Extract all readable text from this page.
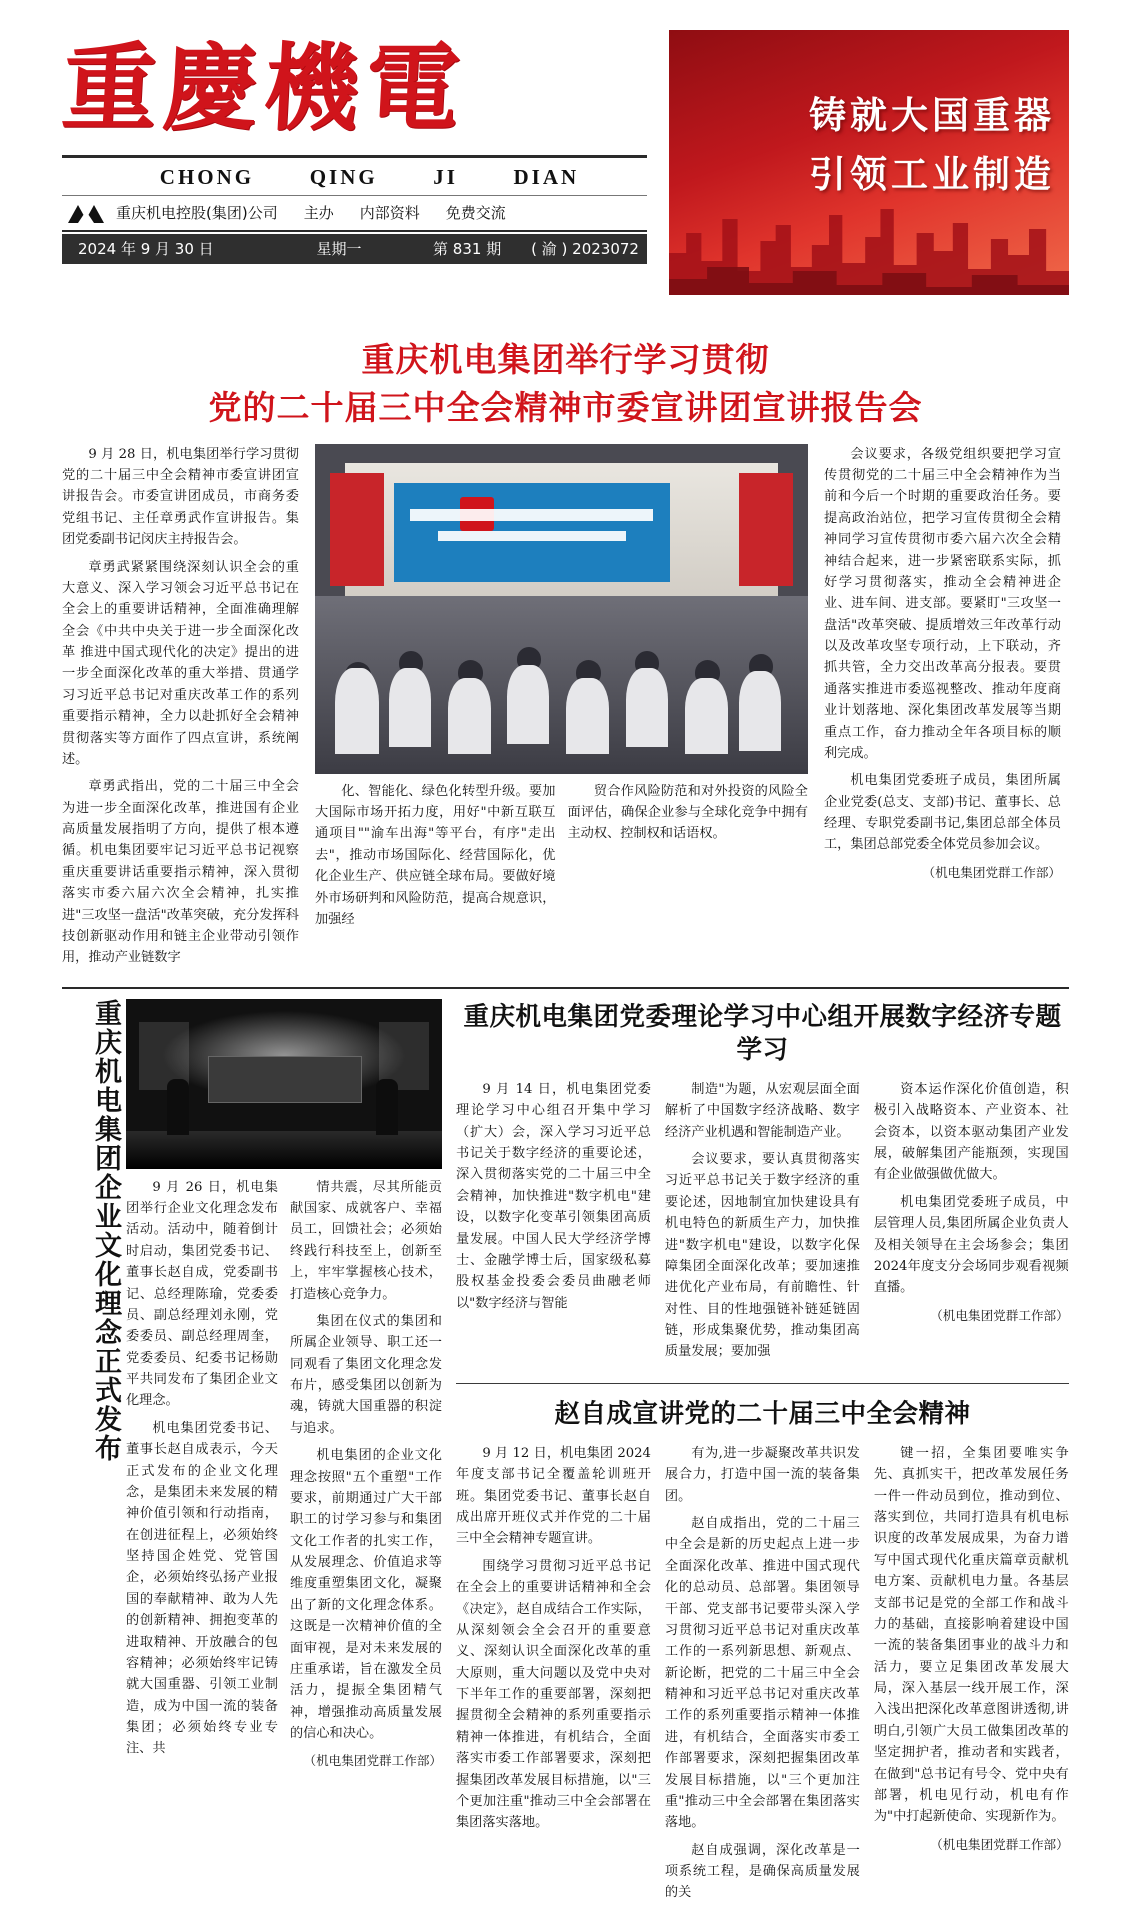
重慶機電
CHONG	QING	JI	DIAN
重庆机电控股(集团)公司 主办 内部资料 免费交流
2024 年 9 月 30 日	星期一	第 831 期	( 渝 ) 2023072
铸就大国重器
引领工业制造
重庆机电集团举行学习贯彻
党的二十届三中全会精神市委宣讲团宣讲报告会

9 月 28 日，机电集团举行学习贯彻党的二十届三中全会精神市委宣讲团宣讲报告会。市委宣讲团成员，市商务委党组书记、主任章勇武作宣讲报告。集团党委副书记闵庆主持报告会。

章勇武紧紧围绕深刻认识全会的重大意义、深入学习领会习近平总书记在全会上的重要讲话精神，全面准确理解全会《中共中央关于进一步全面深化改革 推进中国式现代化的决定》提出的进一步全面深化改革的重大举措、贯通学习习近平总书记对重庆改革工作的系列重要指示精神，全力以赴抓好全会精神贯彻落实等方面作了四点宣讲，系统阐述。

章勇武指出，党的二十届三中全会为进一步全面深化改革，推进国有企业高质量发展指明了方向，提供了根本遵循。机电集团要牢记习近平总书记视察重庆重要讲话重要指示精神，深入贯彻落实市委六届六次全会精神，扎实推进"三攻坚一盘活"改革突破，充分发挥科技创新驱动作用和链主企业带动引领作用，推动产业链数字

化、智能化、绿色化转型升级。要加大国际市场开拓力度，用好"中新互联互通项目""渝车出海"等平台，有序"走出去"，推动市场国际化、经营国际化，优化企业生产、供应链全球布局。要做好境外市场研判和风险防范，提高合规意识，加强经

贸合作风险防范和对外投资的风险全面评估，确保企业参与全球化竞争中拥有主动权、控制权和话语权。

会议要求，各级党组织要把学习宣传贯彻党的二十届三中全会精神作为当前和今后一个时期的重要政治任务。要提高政治站位，把学习宣传贯彻全会精神同学习宣传贯彻市委六届六次全会精神结合起来，进一步紧密联系实际，抓好学习贯彻落实，推动全会精神进企业、进车间、进支部。要紧盯"三攻坚一盘活"改革突破、提质增效三年改革行动以及改革攻坚专项行动，上下联动，齐抓共管，全力交出改革高分报表。要贯通落实推进市委巡视整改、推动年度商业计划落地、深化集团改革发展等当期重点工作，奋力推动全年各项目标的顺利完成。

机电集团党委班子成员，集团所属企业党委(总支、支部)书记、董事长、总经理、专职党委副书记,集团总部全体员工，集团总部党委全体党员参加会议。

（机电集团党群工作部）
重庆机电集团企业文化理念正式发布	9 月 26 日，机电集团举行企业文化理念发布活动。活动中，随着倒计时启动，集团党委书记、董事长赵自成，党委副书记、总经理陈瑜，党委委员、副总经理刘永刚，党委委员、副总经理周奎，党委委员、纪委书记杨勋平共同发布了集团企业文化理念。

机电集团党委书记、董事长赵自成表示，今天正式发布的企业文化理念，是集团未来发展的精神价值引领和行动指南，在创进征程上，必须始终坚持国企姓党、党管国企，必须始终弘扬产业报国的奉献精神、敢为人先的创新精神、拥抱变革的进取精神、开放融合的包容精神；必须始终牢记铸就大国重器、引领工业制造，成为中国一流的装备集团；必须始终专业专注、共

情共震，尽其所能贡献国家、成就客户、幸福员工，回馈社会；必须始终践行科技至上，创新至上，牢牢掌握核心技术，打造核心竞争力。

集团在仪式的集团和所属企业领导、职工还一同观看了集团文化理念发布片，感受集团以创新为魂，铸就大国重器的积淀与追求。

机电集团的企业文化理念按照"五个重塑"工作要求，前期通过广大干部职工的讨学习参与和集团文化工作者的扎实工作，从发展理念、价值追求等维度重塑集团文化，凝聚出了新的文化理念体系。这既是一次精神价值的全面审视，是对未来发展的庄重承诺，旨在激发全员活力，提振全集团精气神，增强推动高质量发展的信心和决心。

（机电集团党群工作部）
重庆机电集团党委理论学习中心组开展数字经济专题学习

9 月 14 日，机电集团党委理论学习中心组召开集中学习（扩大）会，深入学习习近平总书记关于数字经济的重要论述，深入贯彻落实党的二十届三中全会精神，加快推进"数字机电"建设，以数字化变革引领集团高质量发展。中国人民大学经济学博士、金融学博士后，国家级私募股权基金投委会委员曲融老师以"数字经济与智能

制造"为题，从宏观层面全面解析了中国数字经济战略、数字经济产业机遇和智能制造产业。

会议要求，要认真贯彻落实习近平总书记关于数字经济的重要论述，因地制宜加快建设具有机电特色的新质生产力，加快推进"数字机电"建设，以数字化保障集团全面深化改革；要加速推进优化产业布局，有前瞻性、针对性、目的性地强链补链延链固链，形成集聚优势，推动集团高质量发展；要加强

资本运作深化价值创造，积极引入战略资本、产业资本、社会资本，以资本驱动集团产业发展，破解集团产能瓶颈，实现国有企业做强做优做大。

机电集团党委班子成员，中层管理人员,集团所属企业负责人及相关领导在主会场参会；集团2024年度支分会场同步观看视频直播。

（机电集团党群工作部）
赵自成宣讲党的二十届三中全会精神

9 月 12 日，机电集团 2024 年度支部书记全覆盖轮训班开班。集团党委书记、董事长赵自成出席开班仪式并作党的二十届三中全会精神专题宣讲。

围绕学习贯彻习近平总书记在全会上的重要讲话精神和全会《决定》，赵自成结合工作实际，从深刻领会全会召开的重要意义、深刻认识全面深化改革的重大原则，重大问题以及党中央对下半年工作的重要部署，深刻把握贯彻全会精神的系列重要指示精神一体推进，有机结合，全面落实市委工作部署要求，深刻把握集团改革发展目标措施，以"三个更加注重"推动三中全会部署在集团落实落地。

有为,进一步凝聚改革共识发展合力，打造中国一流的装备集团。

赵自成指出，党的二十届三中全会是新的历史起点上进一步全面深化改革、推进中国式现代化的总动员、总部署。集团领导干部、党支部书记要带头深入学习贯彻习近平总书记对重庆改革工作的一系列新思想、新观点、新论断，把党的二十届三中全会精神和习近平总书记对重庆改革工作的系列重要指示精神一体推进，有机结合，全面落实市委工作部署要求，深刻把握集团改革发展目标措施，以"三个更加注重"推动三中全会部署在集团落实落地。

赵自成强调，深化改革是一项系统工程，是确保高质量发展的关

键一招，全集团要唯实争先、真抓实干，把改革发展任务一件一件动员到位，推动到位、落实到位，共同打造具有机电标识度的改革发展成果，为奋力谱写中国式现代化重庆篇章贡献机电方案、贡献机电力量。各基层支部书记是党的全部工作和战斗力的基础，直接影响着建设中国一流的装备集团事业的战斗力和活力，要立足集团改革发展大局，深入基层一线开展工作，深入浅出把深化改革意图讲透彻,讲明白,引领广大员工做集团改革的坚定拥护者，推动者和实践者，在做到"总书记有号令、党中央有部署，机电见行动，机电有作为"中打起新使命、实现新作为。

（机电集团党群工作部）
